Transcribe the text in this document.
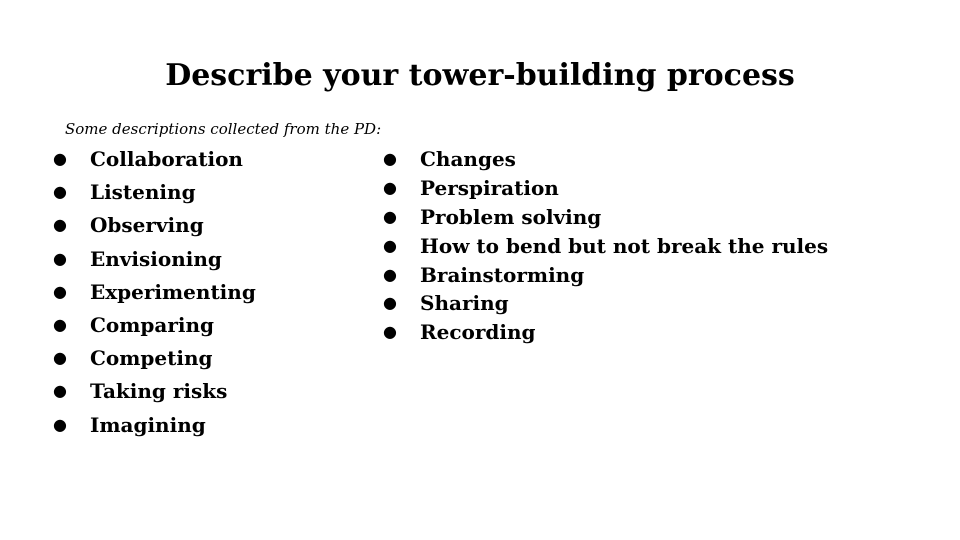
Describe your tower-building process
Some descriptions collected from the PD:
● Collaboration
● Listening
● Observing
● Envisioning
● Experimenting
● Comparing
● Competing
● Taking risks
● Imagining
● Changes
● Perspiration
● Problem solving
● How to bend but not break the rules
● Brainstorming
● Sharing
● Recording
